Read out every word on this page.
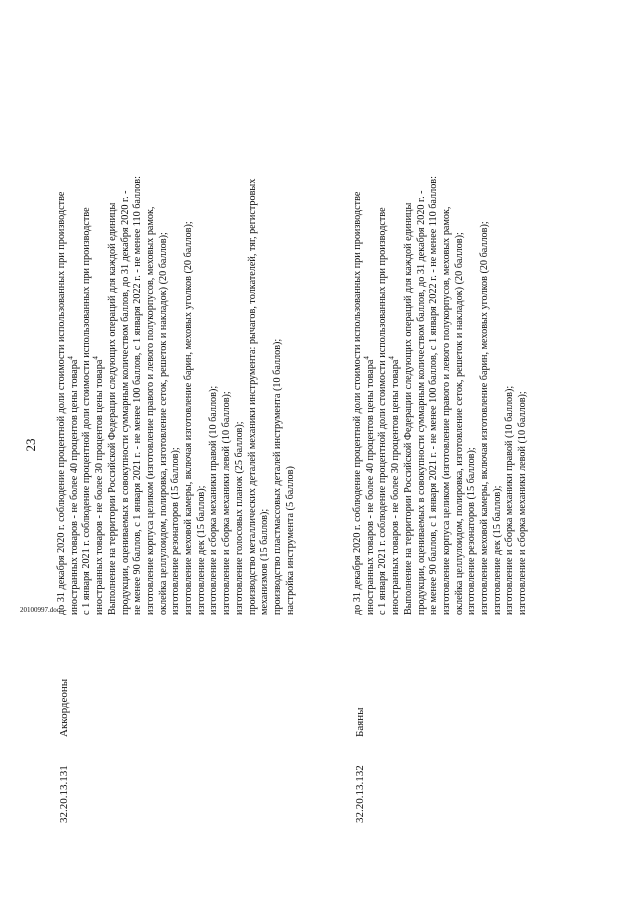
23
32.20.13.131
Аккордеоны
до 31 декабря 2020 г. соблюдение процентной доли стоимости использованных при производстве иностранных товаров - не более 40 процентов цены товара$^4$ с 1 января 2021 г. соблюдение процентной доли стоимости использованных при производстве иностранных товаров - не более 30 процентов цены товара$^4$ Выполнение на территории Российской Федерации следующих операций для каждой единицы продукции, оцениваемых в совокупности суммарным количеством баллов, до 31 декабря 2020 г. - не менее 90 баллов, с 1 января 2021 г. - не менее 100 баллов, с 1 января 2022 г. - не менее 110 баллов: изготовление корпуса целиком (изготовление правого и левого полукорпусов, меховых рамок, оклейка целлулоидом, полировка, изготовление сеток, решеток и накладок) (20 баллов); изготовление резонаторов (15 баллов); изготовление меховой камеры, включая изготовление барин, меховых уголков (20 баллов); изготовление дек (15 баллов); изготовление и сборка механики правой (10 баллов); изготовление и сборка механики левой (10 баллов); изготовление голосовых планок (25 баллов); производство металлических деталей механики инструмента: рычагов, толкателей, тяг, регистровых механизмов (15 баллов); производство пластмассовых деталей инструмента (10 баллов); настройка инструмента (5 баллов)
32.20.13.132
Баяны
до 31 декабря 2020 г. соблюдение процентной доли стоимости использованных при производстве иностранных товаров - не более 40 процентов цены товара$^4$ с 1 января 2021 г. соблюдение процентной доли стоимости использованных при производстве иностранных товаров - не более 30 процентов цены товара$^4$ Выполнение на территории Российской Федерации следующих операций для каждой единицы продукции, оцениваемых в совокупности суммарным количеством баллов, до 31 декабря 2020 г. - не менее 90 баллов, с 1 января 2021 г. - не менее 100 баллов, с 1 января 2022 г. - не менее 110 баллов: изготовление корпуса целиком (изготовление правого и левого полукорпусов, меховых рамок, оклейка целлулоидом, полировка, изготовление сеток, решеток и накладок) (20 баллов); изготовление резонаторов (15 баллов); изготовление меховой камеры, включая изготовление барин, меховых уголков (20 баллов); изготовление дек (15 баллов); изготовление и сборка механики правой (10 баллов); изготовление и сборка механики левой (10 баллов);
20100997.doc
